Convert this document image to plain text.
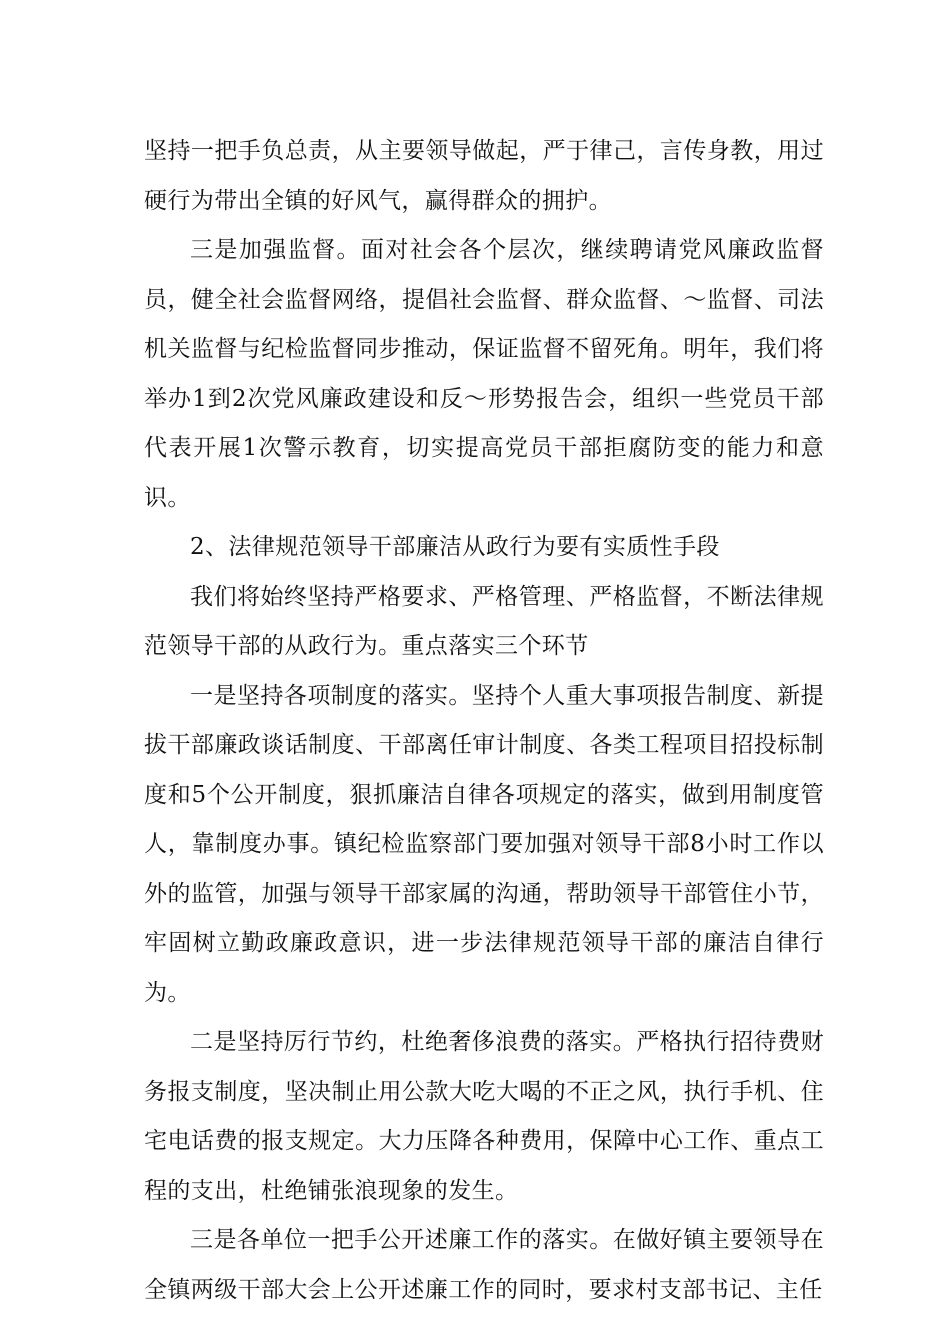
坚持一把手负总责，从主要领导做起，严于律己，言传身教，用过硬行为带出全镇的好风气，赢得群众的拥护。

三是加强监督。面对社会各个层次，继续聘请党风廉政监督员，健全社会监督网络，提倡社会监督、群众监督、～监督、司法机关监督与纪检监督同步推动，保证监督不留死角。明年，我们将举办1到2次党风廉政建设和反～形势报告会，组织一些党员干部代表开展1次警示教育，切实提高党员干部拒腐防变的能力和意识。

2、法律规范领导干部廉洁从政行为要有实质性手段

我们将始终坚持严格要求、严格管理、严格监督，不断法律规范领导干部的从政行为。重点落实三个环节

一是坚持各项制度的落实。坚持个人重大事项报告制度、新提拔干部廉政谈话制度、干部离任审计制度、各类工程项目招投标制度和5个公开制度，狠抓廉洁自律各项规定的落实，做到用制度管人，靠制度办事。镇纪检监察部门要加强对领导干部8小时工作以外的监管，加强与领导干部家属的沟通，帮助领导干部管住小节，牢固树立勤政廉政意识，进一步法律规范领导干部的廉洁自律行为。

二是坚持厉行节约，杜绝奢侈浪费的落实。严格执行招待费财务报支制度，坚决制止用公款大吃大喝的不正之风，执行手机、住宅电话费的报支规定。大力压降各种费用，保障中心工作、重点工程的支出，杜绝铺张浪现象的发生。

三是各单位一把手公开述廉工作的落实。在做好镇主要领导在全镇两级干部大会上公开述廉工作的同时，要求村支部书记、主任
